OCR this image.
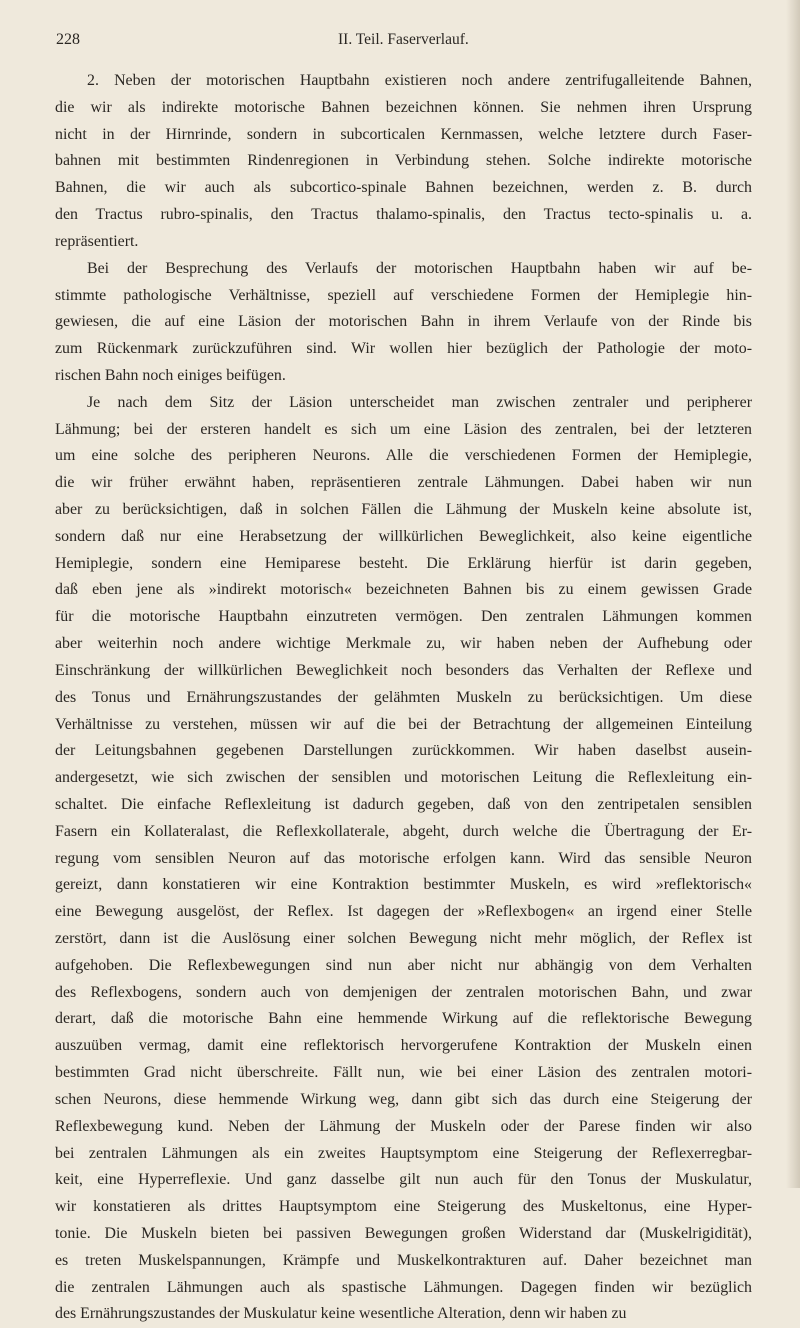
228	II. Teil. Faserverlauf.
2. Neben der motorischen Hauptbahn existieren noch andere zentrifugalleitende Bahnen,
die wir als indirekte motorische Bahnen bezeichnen können. Sie nehmen ihren Ursprung
nicht in der Hirnrinde, sondern in subcorticalen Kernmassen, welche letztere durch Faser-
bahnen mit bestimmten Rindenregionen in Verbindung stehen. Solche indirekte motorische
Bahnen, die wir auch als subcortico-spinale Bahnen bezeichnen, werden z. B. durch
den Tractus rubro-spinalis, den Tractus thalamo-spinalis, den Tractus tecto-spinalis u. a.
repräsentiert.
Bei der Besprechung des Verlaufs der motorischen Hauptbahn haben wir auf be-
stimmte pathologische Verhältnisse, speziell auf verschiedene Formen der Hemiplegie hin-
gewiesen, die auf eine Läsion der motorischen Bahn in ihrem Verlaufe von der Rinde bis
zum Rückenmark zurückzuführen sind. Wir wollen hier bezüglich der Pathologie der moto-
rischen Bahn noch einiges beifügen.
Je nach dem Sitz der Läsion unterscheidet man zwischen zentraler und peripherer
Lähmung; bei der ersteren handelt es sich um eine Läsion des zentralen, bei der letzteren
um eine solche des peripheren Neurons. Alle die verschiedenen Formen der Hemiplegie,
die wir früher erwähnt haben, repräsentieren zentrale Lähmungen. Dabei haben wir nun
aber zu berücksichtigen, daß in solchen Fällen die Lähmung der Muskeln keine absolute ist,
sondern daß nur eine Herabsetzung der willkürlichen Beweglichkeit, also keine eigentliche
Hemiplegie, sondern eine Hemiparese besteht. Die Erklärung hierfür ist darin gegeben,
daß eben jene als »indirekt motorisch« bezeichneten Bahnen bis zu einem gewissen Grade
für die motorische Hauptbahn einzutreten vermögen. Den zentralen Lähmungen kommen
aber weiterhin noch andere wichtige Merkmale zu, wir haben neben der Aufhebung oder
Einschränkung der willkürlichen Beweglichkeit noch besonders das Verhalten der Reflexe und
des Tonus und Ernährungszustandes der gelähmten Muskeln zu berücksichtigen. Um diese
Verhältnisse zu verstehen, müssen wir auf die bei der Betrachtung der allgemeinen Einteilung
der Leitungsbahnen gegebenen Darstellungen zurückkommen. Wir haben daselbst ausein-
andergesetzt, wie sich zwischen der sensiblen und motorischen Leitung die Reflexleitung ein-
schaltet. Die einfache Reflexleitung ist dadurch gegeben, daß von den zentripetalen sensiblen
Fasern ein Kollateralast, die Reflexkollaterale, abgeht, durch welche die Übertragung der Er-
regung vom sensiblen Neuron auf das motorische erfolgen kann. Wird das sensible Neuron
gereizt, dann konstatieren wir eine Kontraktion bestimmter Muskeln, es wird »reflektorisch«
eine Bewegung ausgelöst, der Reflex. Ist dagegen der »Reflexbogen« an irgend einer Stelle
zerstört, dann ist die Auslösung einer solchen Bewegung nicht mehr möglich, der Reflex ist
aufgehoben. Die Reflexbewegungen sind nun aber nicht nur abhängig von dem Verhalten
des Reflexbogens, sondern auch von demjenigen der zentralen motorischen Bahn, und zwar
derart, daß die motorische Bahn eine hemmende Wirkung auf die reflektorische Bewegung
auszuüben vermag, damit eine reflektorisch hervorgerufene Kontraktion der Muskeln einen
bestimmten Grad nicht überschreite. Fällt nun, wie bei einer Läsion des zentralen motori-
schen Neurons, diese hemmende Wirkung weg, dann gibt sich das durch eine Steigerung der
Reflexbewegung kund. Neben der Lähmung der Muskeln oder der Parese finden wir also
bei zentralen Lähmungen als ein zweites Hauptsymptom eine Steigerung der Reflexerregbar-
keit, eine Hyperreflexie. Und ganz dasselbe gilt nun auch für den Tonus der Muskulatur,
wir konstatieren als drittes Hauptsymptom eine Steigerung des Muskeltonus, eine Hyper-
tonie. Die Muskeln bieten bei passiven Bewegungen großen Widerstand dar (Muskelrigidität),
es treten Muskelspannungen, Krämpfe und Muskelkontrakturen auf. Daher bezeichnet man
die zentralen Lähmungen auch als spastische Lähmungen. Dagegen finden wir bezüglich
des Ernährungszustandes der Muskulatur keine wesentliche Alteration, denn wir haben zu
